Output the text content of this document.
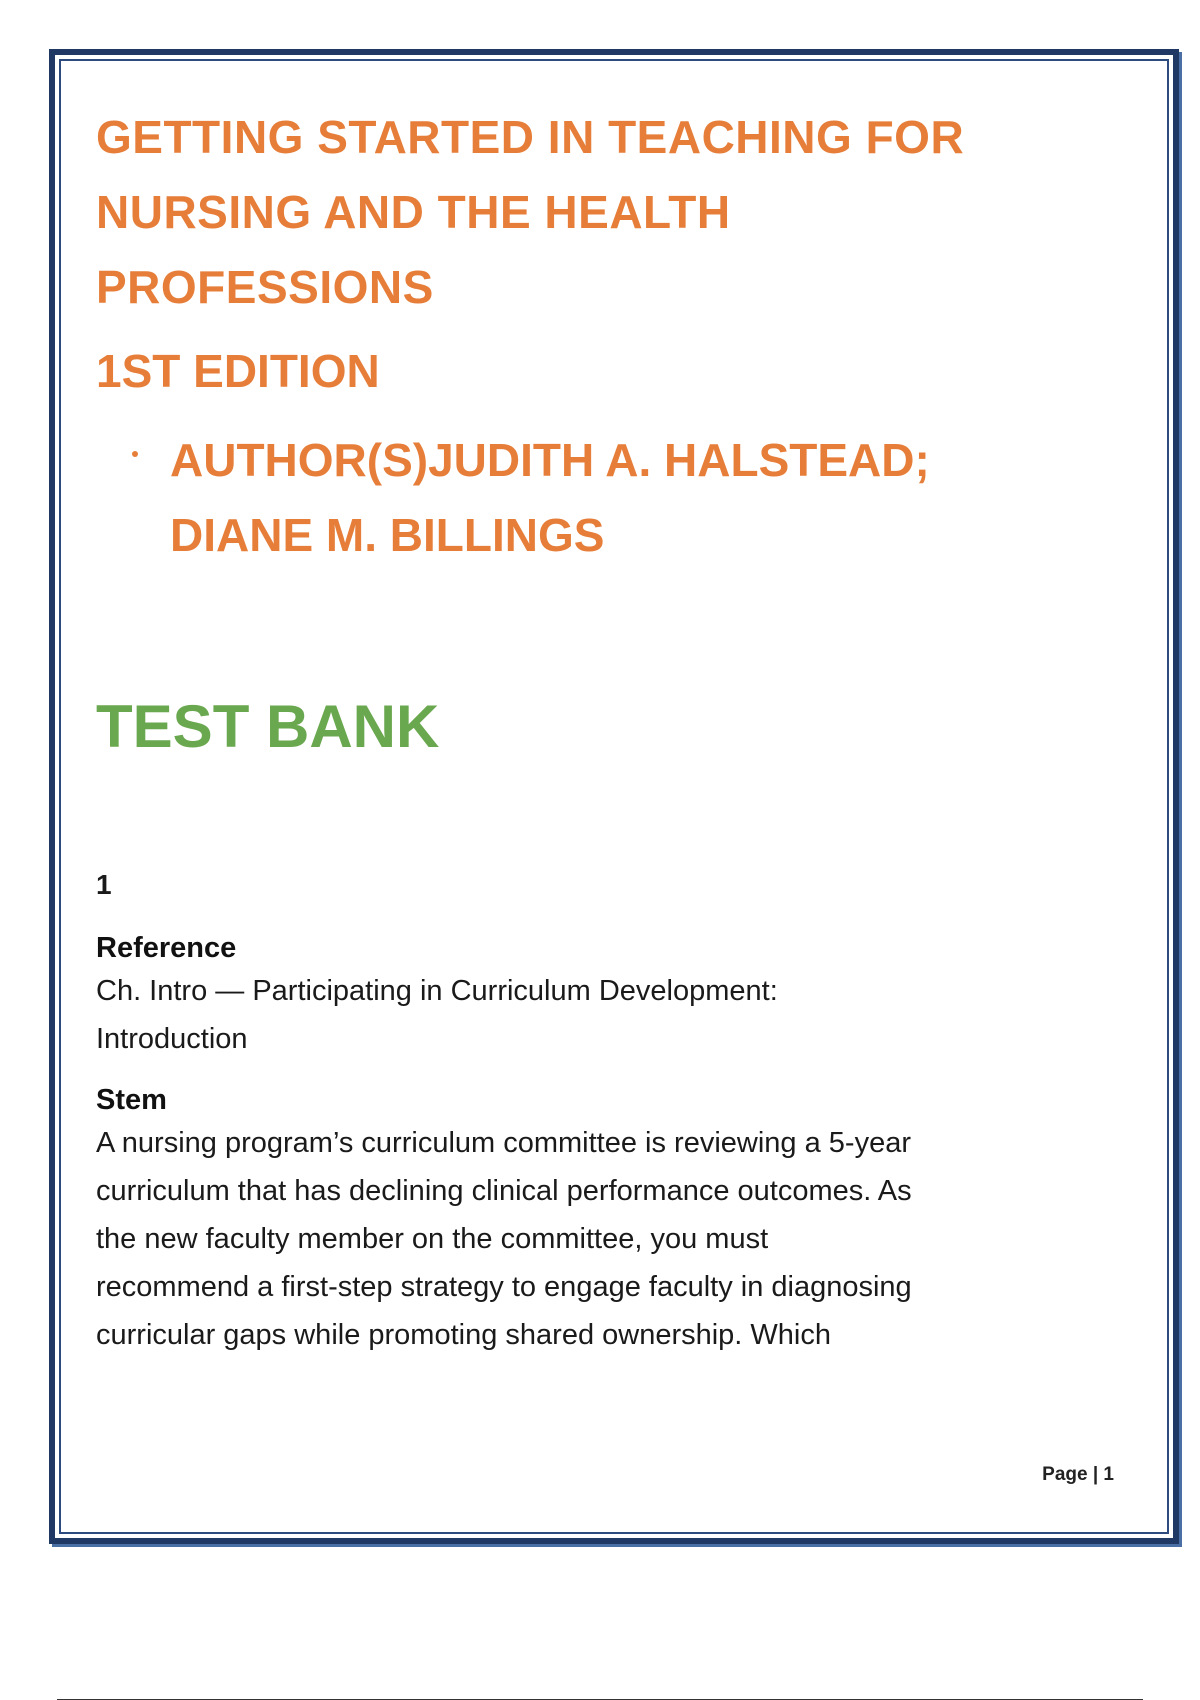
GETTING STARTED IN TEACHING FOR
NURSING AND THE HEALTH
PROFESSIONS
1ST EDITION
AUTHOR(S)JUDITH A. HALSTEAD;
DIANE M. BILLINGS
TEST BANK
1
Reference
Ch. Intro — Participating in Curriculum Development:
Introduction
Stem
A nursing program’s curriculum committee is reviewing a 5-year
curriculum that has declining clinical performance outcomes. As
the new faculty member on the committee, you must
recommend a first-step strategy to engage faculty in diagnosing
curricular gaps while promoting shared ownership. Which
Page | 1
